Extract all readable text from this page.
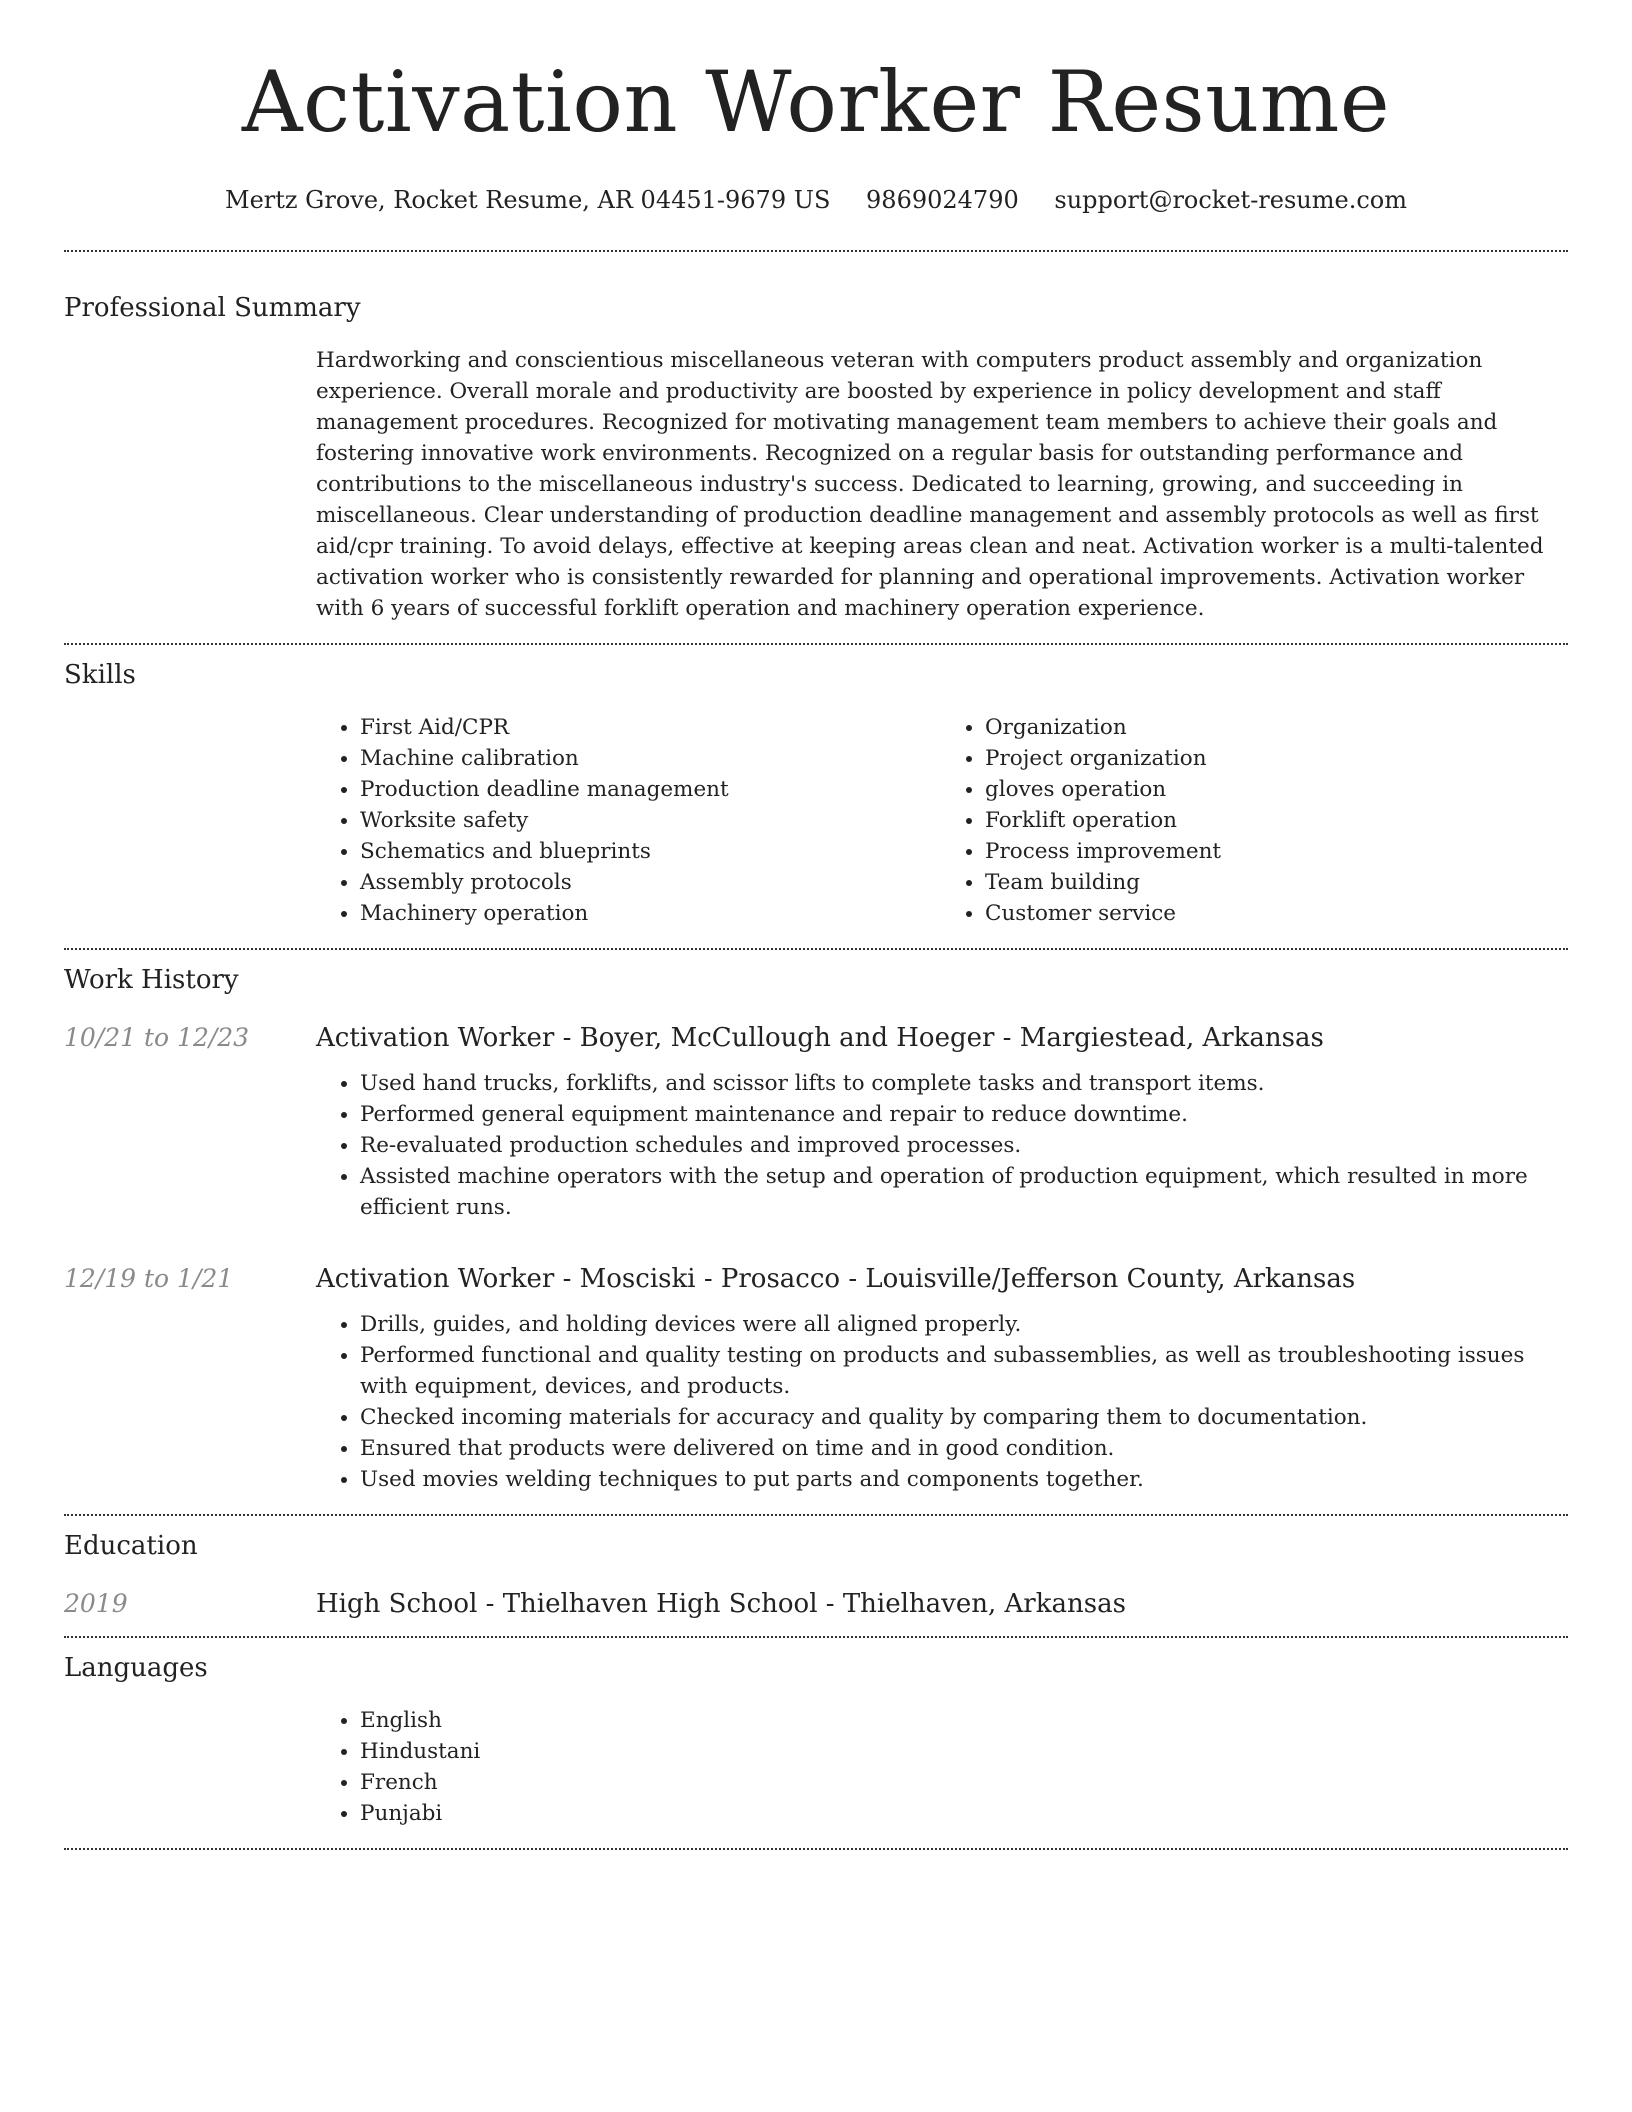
Activation Worker Resume
Mertz Grove, Rocket Resume, AR 04451-9679 US 9869024790 support@rocket-resume.com
Professional Summary

Hardworking and conscientious miscellaneous veteran with computers product assembly and organization experience. Overall morale and productivity are boosted by experience in policy development and staff management procedures. Recognized for motivating management team members to achieve their goals and fostering innovative work environments. Recognized on a regular basis for outstanding performance and contributions to the miscellaneous industry's success. Dedicated to learning, growing, and succeeding in miscellaneous. Clear understanding of production deadline management and assembly protocols as well as first aid/cpr training. To avoid delays, effective at keeping areas clean and neat. Activation worker is a multi-talented activation worker who is consistently rewarded for planning and operational improvements. Activation worker with 6 years of successful forklift operation and machinery operation experience.

Skills
• First Aid/CPR
• Machine calibration
• Production deadline management
• Worksite safety
• Schematics and blueprints
• Assembly protocols
• Machinery operation
• Organization
• Project organization
• gloves operation
• Forklift operation
• Process improvement
• Team building
• Customer service
Work History
10/21 to 12/23	Activation Worker - Boyer, McCullough and Hoeger - Margiestead, Arkansas
• Used hand trucks, forklifts, and scissor lifts to complete tasks and transport items.
• Performed general equipment maintenance and repair to reduce downtime.
• Re-evaluated production schedules and improved processes.
• Assisted machine operators with the setup and operation of production equipment, which resulted in more efficient runs.
12/19 to 1/21	Activation Worker - Mosciski - Prosacco - Louisville/Jefferson County, Arkansas
• Drills, guides, and holding devices were all aligned properly.
• Performed functional and quality testing on products and subassemblies, as well as troubleshooting issues with equipment, devices, and products.
• Checked incoming materials for accuracy and quality by comparing them to documentation.
• Ensured that products were delivered on time and in good condition.
• Used movies welding techniques to put parts and components together.
Education
2019	High School - Thielhaven High School - Thielhaven, Arkansas
Languages
• English
• Hindustani
• French
• Punjabi
